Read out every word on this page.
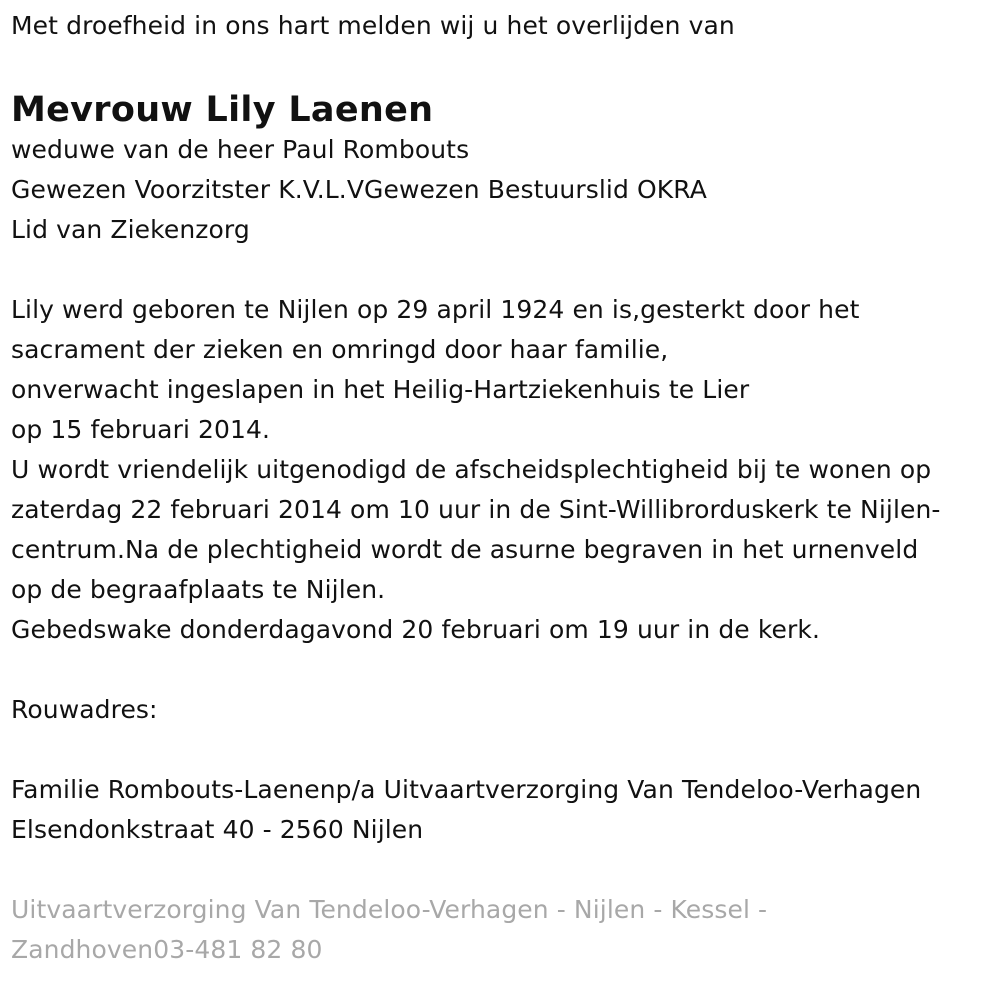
Met droefheid in ons hart melden wij u het overlijden van
Mevrouw Lily Laenen
weduwe van de heer Paul Rombouts
Gewezen Voorzitster K.V.L.VGewezen Bestuurslid OKRA
Lid van Ziekenzorg
Lily werd geboren te Nijlen op 29 april 1924 en is,gesterkt door het
sacrament der zieken en omringd door haar familie,
onverwacht ingeslapen in het Heilig-Hartziekenhuis te Lier
op 15 februari 2014.
U wordt vriendelijk uitgenodigd de afscheidsplechtigheid bij te wonen op
zaterdag 22 februari 2014 om 10 uur in de Sint-Willibrorduskerk te Nijlen-
centrum.Na de plechtigheid wordt de asurne begraven in het urnenveld
op de begraafplaats te Nijlen.
Gebedswake donderdagavond 20 februari om 19 uur in de kerk.
Rouwadres:
Familie Rombouts-Laenenp/a Uitvaartverzorging Van Tendeloo-Verhagen
Elsendonkstraat 40 - 2560 Nijlen
Uitvaartverzorging Van Tendeloo-Verhagen - Nijlen - Kessel -
Zandhoven03-481 82 80
